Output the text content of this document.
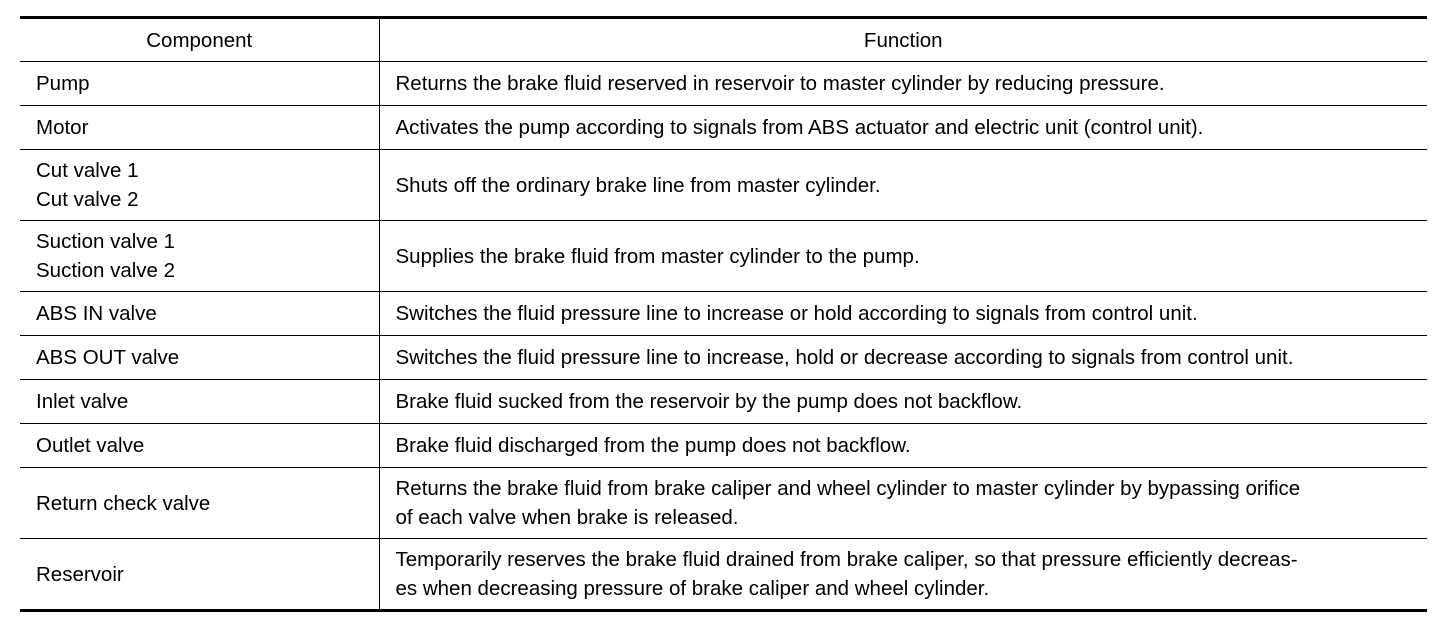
Component	Function

Pump	Returns the brake fluid reserved in reservoir to master cylinder by reducing pressure.

Motor	Activates the pump according to signals from ABS actuator and electric unit (control unit).

Cut valve 1
Cut valve 2	Shuts off the ordinary brake line from master cylinder.

Suction valve 1
Suction valve 2	Supplies the brake fluid from master cylinder to the pump.

ABS IN valve	Switches the fluid pressure line to increase or hold according to signals from control unit.

ABS OUT valve	Switches the fluid pressure line to increase, hold or decrease according to signals from control unit.

Inlet valve	Brake fluid sucked from the reservoir by the pump does not backflow.

Outlet valve	Brake fluid discharged from the pump does not backflow.

Return check valve	Returns the brake fluid from brake caliper and wheel cylinder to master cylinder by bypassing orifice
of each valve when brake is released.

Reservoir	Temporarily reserves the brake fluid drained from brake caliper, so that pressure efficiently decreas-
es when decreasing pressure of brake caliper and wheel cylinder.
